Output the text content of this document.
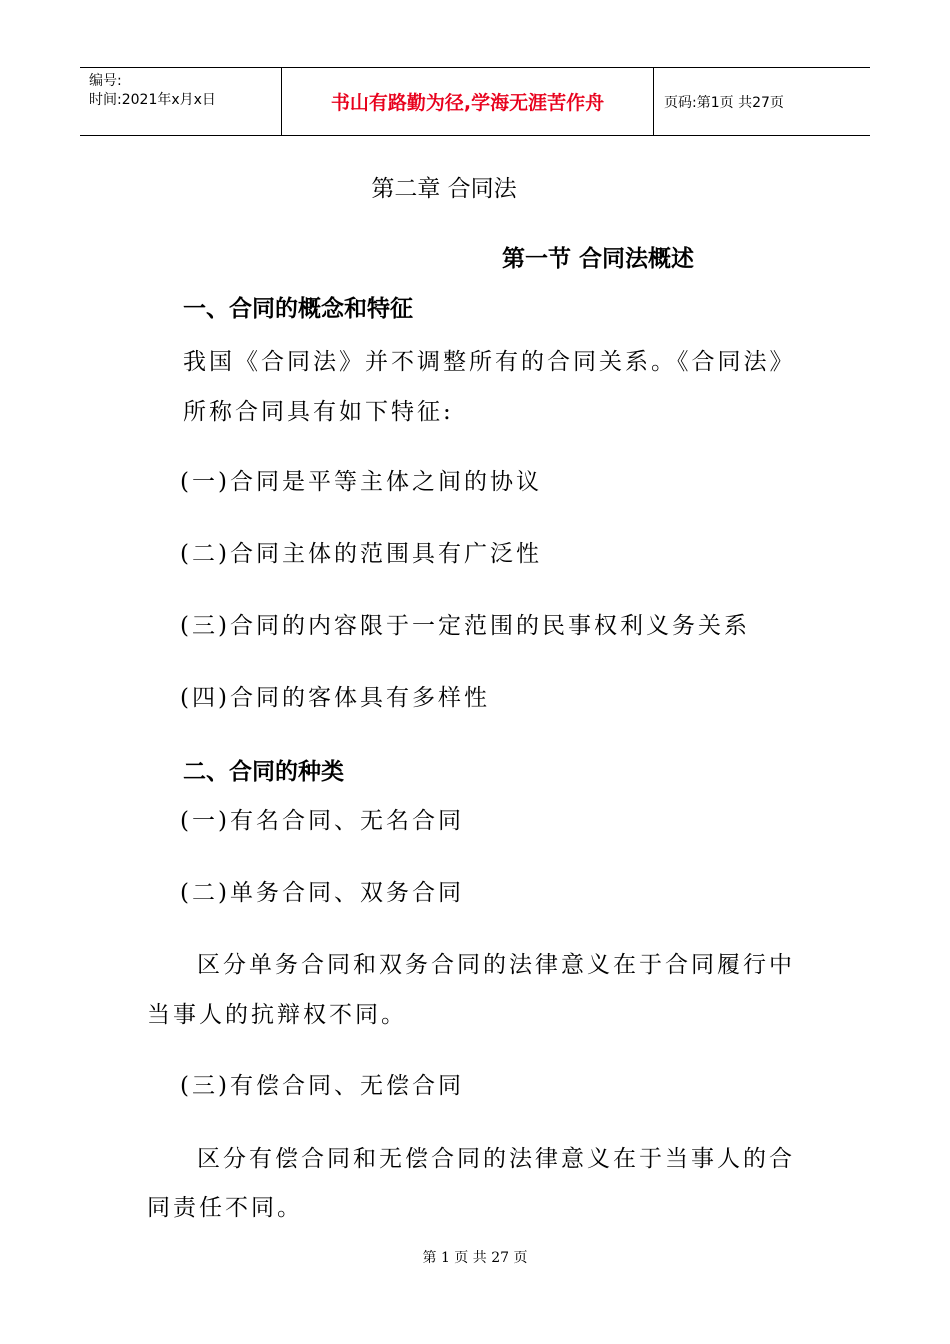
编号:
时间:2021年x月x日	书山有路勤为径,学海无涯苦作舟	页码:第1页 共27页
第二章 合同法
第一节 合同法概述
一、合同的概念和特征
我国《合同法》并不调整所有的合同关系。《合同法》
所称合同具有如下特征:
(一)合同是平等主体之间的协议
(二)合同主体的范围具有广泛性
(三)合同的内容限于一定范围的民事权利义务关系
(四)合同的客体具有多样性
二、合同的种类
(一)有名合同、无名合同
(二)单务合同、双务合同
区分单务合同和双务合同的法律意义在于合同履行中
当事人的抗辩权不同。
(三)有偿合同、无偿合同
区分有偿合同和无偿合同的法律意义在于当事人的合
同责任不同。
第 1 页 共 27 页
